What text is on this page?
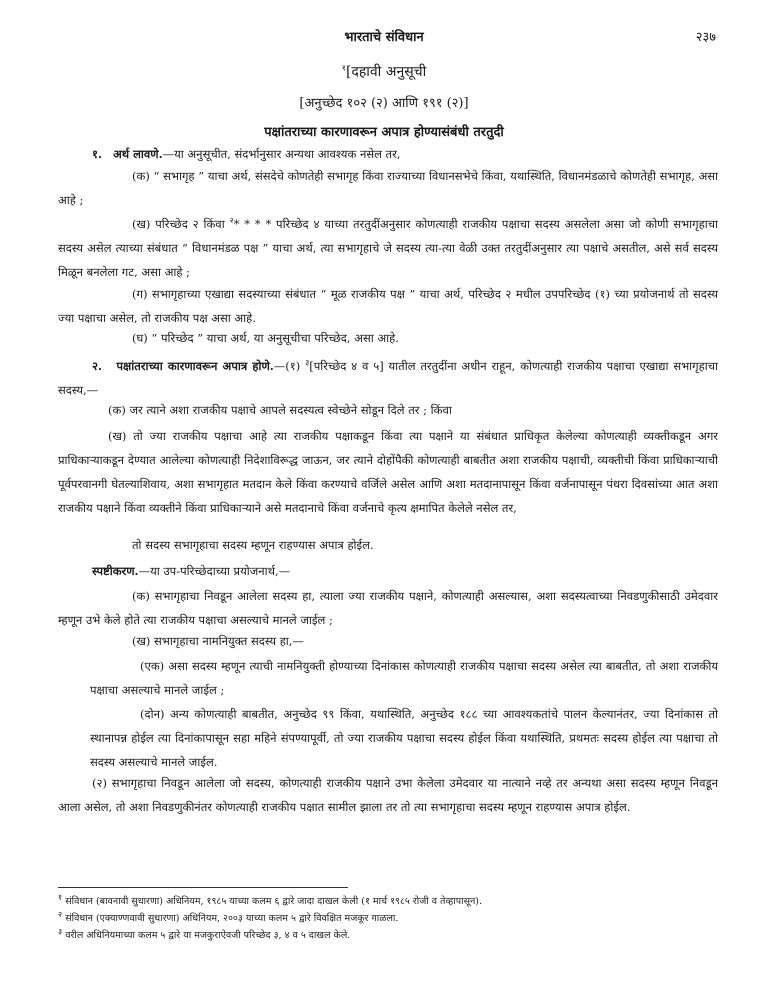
भारताचे संविधान	२३७
$^१$[दहावी अनुसूची
[अनुच्छेद १०२ (२) आणि १९१ (२)]
पक्षांतराच्या कारणावरून अपात्र होण्यासंबंधी तरतुदी
१. अर्थ लावणे.—या अनुसूचीत, संदर्भानुसार अन्यथा आवश्यक नसेल तर,
(क) “ सभागृह ” याचा अर्थ, संसदेचे कोणतेही सभागृह किंवा राज्याच्या विधानसभेचे किंवा, यथास्थिति, विधानमंडळाचे कोणतेही सभागृह, असा आहे ;
(ख) परिच्छेद २ किंवा $^२$* * * * परिच्छेद ४ याच्या तरतुदींअनुसार कोणत्याही राजकीय पक्षाचा सदस्य असलेला असा जो कोणी सभागृहाचा सदस्य असेल त्याच्या संबंधात “ विधानमंडळ पक्ष ” याचा अर्थ, त्या सभागृहाचे जे सदस्य त्या-त्या वेळी उक्त तरतुदींअनुसार त्या पक्षाचे असतील, असे सर्व सदस्य मिळून बनलेला गट, असा आहे ;
(ग) सभागृहाच्या एखाद्या सदस्याच्या संबंधात “ मूळ राजकीय पक्ष ” याचा अर्थ, परिच्छेद २ मधील उपपरिच्छेद (१) च्या प्रयोजनार्थ तो सदस्य ज्या पक्षाचा असेल, तो राजकीय पक्ष असा आहे.
(घ) “ परिच्छेद ” याचा अर्थ, या अनुसूचीचा परिच्छेद, असा आहे.
२. पक्षांतराच्या कारणावरून अपात्र होणे.—(१) $^३$[परिच्छेद ४ व ५] यातील तरतुदींना अधीन राहून, कोणत्याही राजकीय पक्षाचा एखाद्या सभागृहाचा सदस्य,—
(क) जर त्याने अशा राजकीय पक्षाचे आपले सदस्यत्व स्वेच्छेने सोडून दिले तर ; किंवा
(ख) तो ज्या राजकीय पक्षाचा आहे त्या राजकीय पक्षाकडून किंवा त्या पक्षाने या संबंधात प्राधिकृत केलेल्या कोणत्याही व्यक्तीकडून अगर प्राधिकाऱ्याकडून देण्यात आलेल्या कोणत्याही निदेशाविरूद्ध जाऊन, जर त्याने दोहोंपैकी कोणत्याही बाबतीत अशा राजकीय पक्षाची, व्यक्तीची किंवा प्राधिकाऱ्याची पूर्वपरवानगी घेतल्याशिवाय, अशा सभागृहात मतदान केले किंवा करण्याचे वर्जिले असेल आणि अशा मतदानापासून किंवा वर्जनापासून पंधरा दिवसांच्या आत अशा राजकीय पक्षाने किंवा व्यक्तीने किंवा प्राधिकाऱ्याने असे मतदानाचे किंवा वर्जनाचे कृत्य क्षमापित केलेले नसेल तर,
तो सदस्य सभागृहाचा सदस्य म्हणून राहण्यास अपात्र होईल.
स्पष्टीकरण.—या उप-परिच्छेदाच्या प्रयोजनार्थ,—
(क) सभागृहाचा निवडून आलेला सदस्य हा, त्याला ज्या राजकीय पक्षाने, कोणत्याही असल्यास, अशा सदस्यत्वाच्या निवडणुकीसाठी उमेदवार म्हणून उभे केले होते त्या राजकीय पक्षाचा असल्याचे मानले जाईल ;
(ख) सभागृहाचा नामनियुक्त सदस्य हा,—
(एक) असा सदस्य म्हणून त्याची नामनियुक्ती होण्याच्या दिनांकास कोणत्याही राजकीय पक्षाचा सदस्य असेल त्या बाबतीत, तो अशा राजकीय पक्षाचा असल्याचे मानले जाईल ;
(दोन) अन्य कोणत्याही बाबतीत, अनुच्छेद ९९ किंवा, यथास्थिति, अनुच्छेद १८८ च्या आवश्यकतांचे पालन केल्यानंतर, ज्या दिनांकास तो स्थानापन्न होईल त्या दिनांकापासून सहा महिने संपण्यापूर्वी, तो ज्या राजकीय पक्षाचा सदस्य होईल किंवा यथास्थिति, प्रथमतः सदस्य होईल त्या पक्षाचा तो सदस्य असल्याचे मानले जाईल.
(२) सभागृहाचा निवडून आलेला जो सदस्य, कोणत्याही राजकीय पक्षाने उभा केलेला उमेदवार या नात्याने नव्हे तर अन्यथा असा सदस्य म्हणून निवडून आला असेल, तो अशा निवडणुकीनंतर कोणत्याही राजकीय पक्षात सामील झाला तर तो त्या सभागृहाचा सदस्य म्हणून राहण्यास अपात्र होईल.
$^१$ संविधान (बावनावी सुधारणा) अधिनियम, १९८५ याच्या कलम ६ द्वारे जादा दाखल केली (१ मार्च १९८५ रोजी व तेव्हापासून).
$^२$ संविधान (एक्याण्णवावी सुधारणा) अधिनियम, २००३ याच्या कलम ५ द्वारे विवक्षित मजकूर गाळला.
$^३$ वरील अधिनियमाच्या कलम ५ द्वारे या मजकुराऐवजी परिच्छेद ३, ४ व ५ दाखल केले.
